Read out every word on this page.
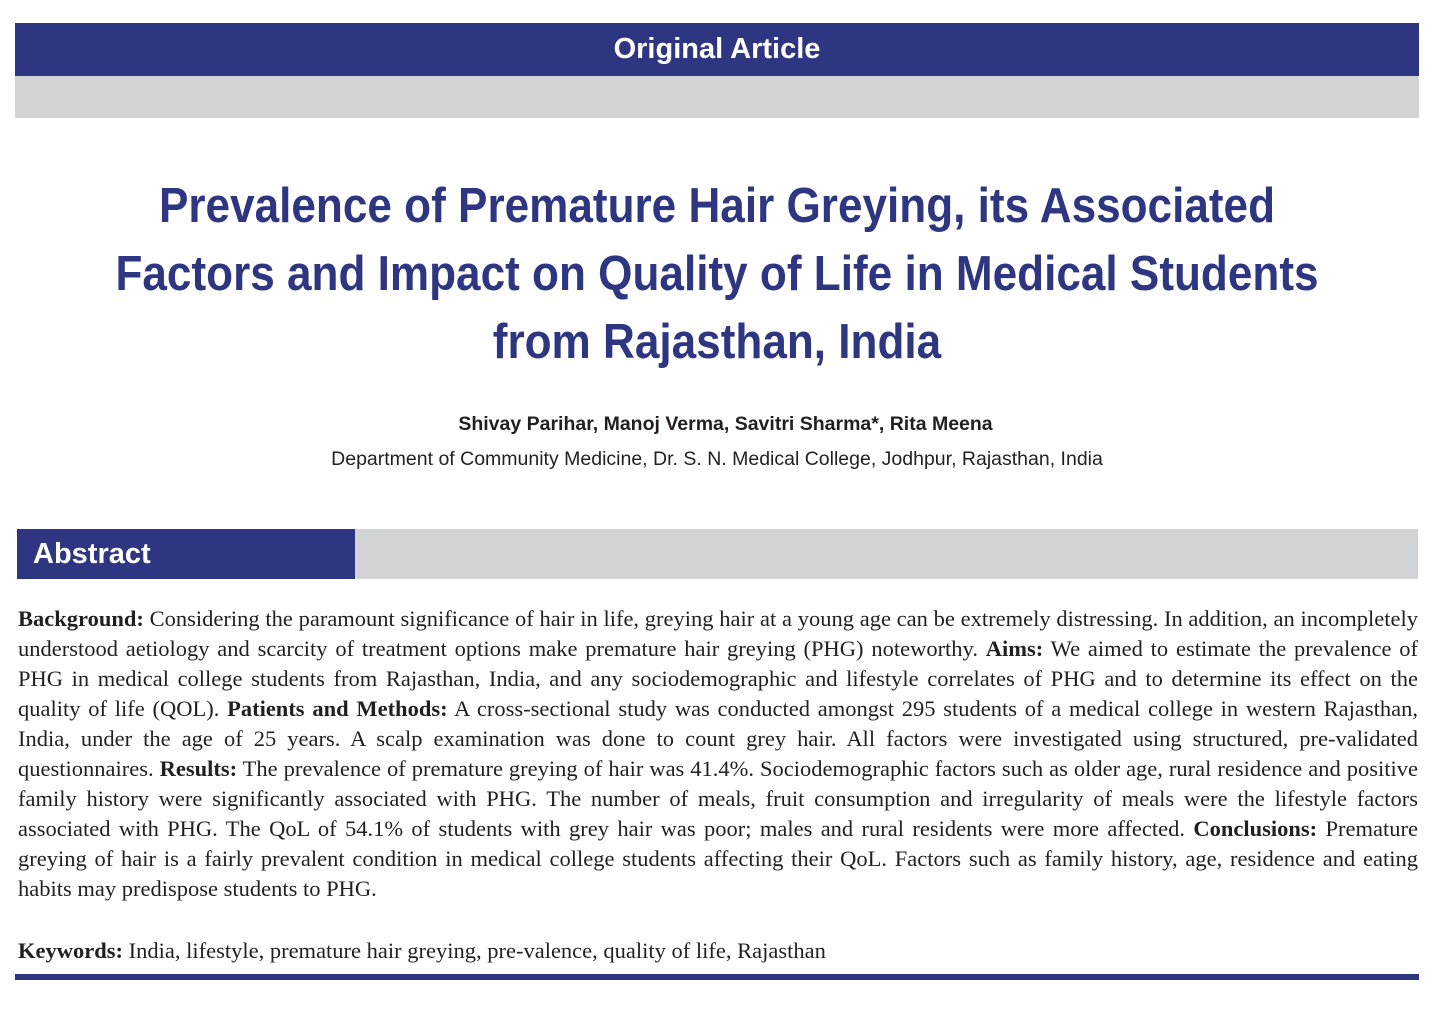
Original Article
Prevalence of Premature Hair Greying, its Associated Factors and Impact on Quality of Life in Medical Students from Rajasthan, India
Shivay Parihar, Manoj Verma, Savitri Sharma*, Rita Meena
Department of Community Medicine, Dr. S. N. Medical College, Jodhpur, Rajasthan, India
Abstract

Background: Considering the paramount significance of hair in life, greying hair at a young age can be extremely distressing. In addition, an incompletely understood aetiology and scarcity of treatment options make premature hair greying (PHG) noteworthy. Aims: We aimed to estimate the prevalence of PHG in medical college students from Rajasthan, India, and any sociodemographic and lifestyle correlates of PHG and to determine its effect on the quality of life (QOL). Patients and Methods: A cross-sectional study was conducted amongst 295 students of a medical college in western Rajasthan, India, under the age of 25 years. A scalp examination was done to count grey hair. All factors were investigated using structured, pre-validated questionnaires. Results: The prevalence of premature greying of hair was 41.4%. Sociodemographic factors such as older age, rural residence and positive family history were significantly associated with PHG. The number of meals, fruit consumption and irregularity of meals were the lifestyle factors associated with PHG. The QoL of 54.1% of students with grey hair was poor; males and rural residents were more affected. Conclusions: Premature greying of hair is a fairly prevalent condition in medical college students affecting their QoL. Factors such as family history, age, residence and eating habits may predispose students to PHG.

Keywords: India, lifestyle, premature hair greying, pre-valence, quality of life, Rajasthan
